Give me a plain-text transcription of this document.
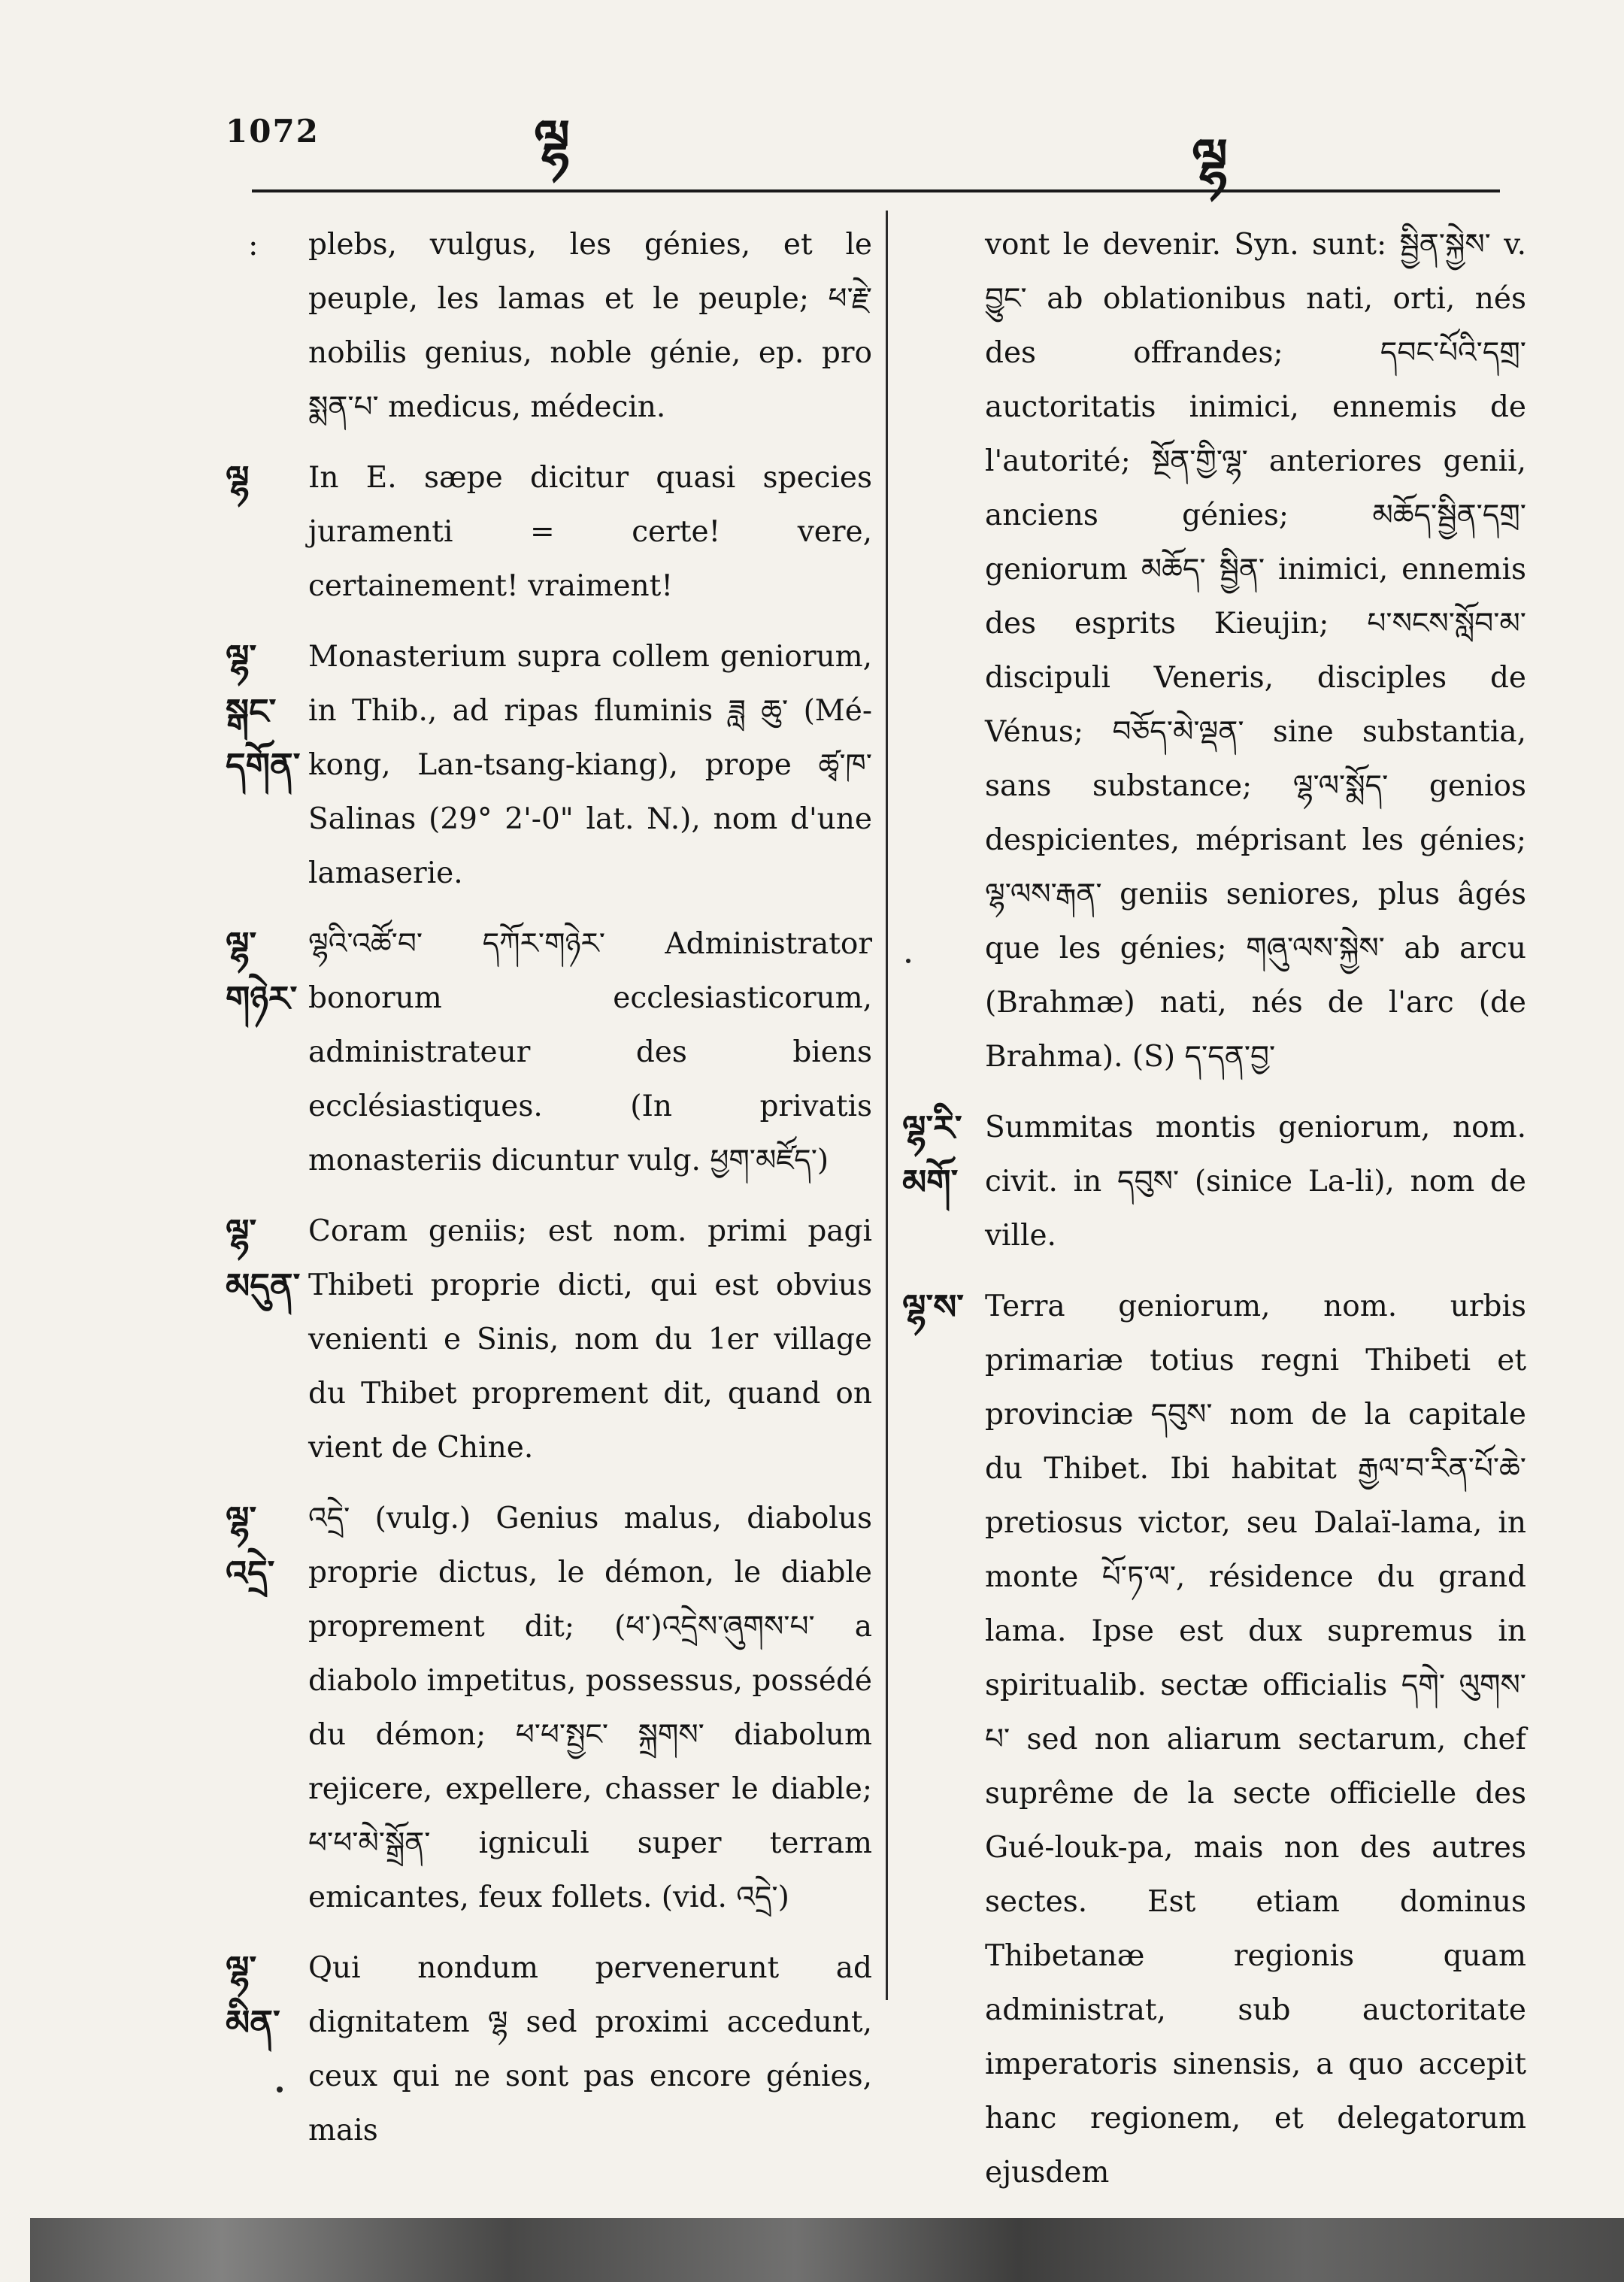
1072	ལྷ	ལྷ
: plebs, vulgus, les génies, et le peuple, les lamas et le peuple; ཕ་རྗེ་ nobilis genius, noble génie, ep. pro སྨན་པ་ medicus, médecin.
ལྷ	In E. sæpe dicitur quasi species juramenti = certe! vere, certainement! vraiment!
ལྷ་སྒང་དགོན་
Monasterium supra collem geniorum, in Thib., ad ripas fluminis ཟླ ཆུ་ (Mé-kong, Lan-tsang-kiang), prope ཚྭ་ཁ་ Salinas (29° 2'-0" lat. N.), nom d'une lamaserie.
ལྷ་གཉེར་
ལྷའི་འཚོ་བ་ དཀོར་གཉེར་ Administrator bonorum ecclesiasticorum, administrateur des biens ecclésiastiques. (In privatis monasteriis dicuntur vulg. ཕྱག་མཛོད་)
ལྷ་མདུན་
Coram geniis; est nom. primi pagi Thibeti proprie dicti, qui est obvius venienti e Sinis, nom du 1er village du Thibet proprement dit, quand on vient de Chine.
ལྷ་འདྲེ་
འདྲེ་ (vulg.) Genius malus, diabolus proprie dictus, le démon, le diable proprement dit; (ཕ་)འདྲེས་ཞུགས་པ་ a diabolo impetitus, possessus, possédé du démon; ཕ་ཕ་སྤྱང་ སྐྲགས་ diabolum rejicere, expellere, chasser le diable; ཕ་ཕ་མེ་སྒྲོན་ igniculi super terram emicantes, feux follets. (vid. འདྲེ་)
ལྷ་མིན་
Qui nondum pervenerunt ad dignitatem ལྷ sed proximi accedunt, ceux qui ne sont pas encore génies, mais
vont le devenir. Syn. sunt: སྦྱིན་སྐྱེས་ v. བྱུང་ ab oblationibus nati, orti, nés des offrandes; དབང་པོའི་དགྲ་ auctoritatis inimici, ennemis de l'autorité; སྔོན་གྱི་ལྷ་ anteriores genii, anciens génies; མཆོད་སྦྱིན་དགྲ་ geniorum མཆོད་ སྦྱིན་ inimici, ennemis des esprits Kieujin; པ་སངས་སློབ་མ་ discipuli Veneris, disciples de Vénus; བཅོད་མེ་ལྡན་ sine substantia, sans substance; ལྷ་ལ་སྨོད་ genios despicientes, méprisant les génies; ལྷ་ལས་རྒན་ geniis seniores, plus âgés que les génies; གཞུ་ལས་སྐྱེས་ ab arcu (Brahmæ) nati, nés de l'arc (de Brahma). (S) ད་དན་བྱ་
ལྷ་རི་མགོ་
Summitas montis geniorum, nom. civit. in དབུས་ (sinice La-li), nom de ville.
ལྷ་ས་ Terra geniorum, nom. urbis primariæ totius regni Thibeti et provinciæ དབུས་ nom de la capitale du Thibet. Ibi habitat རྒྱལ་བ་རིན་པོ་ཆེ་ pretiosus victor, seu Dalaï-lama, in monte པོ་ཏ་ལ་, résidence du grand lama. Ipse est dux supremus in spiritualib. sectæ officialis དགེ་ ལུགས་པ་ sed non aliarum sectarum, chef suprême de la secte officielle des Gué-louk-pa, mais non des autres sectes. Est etiam dominus Thibetanæ regionis quam administrat, sub auctoritate imperatoris sinensis, a quo accepit hanc regionem, et delegatorum ejusdem
